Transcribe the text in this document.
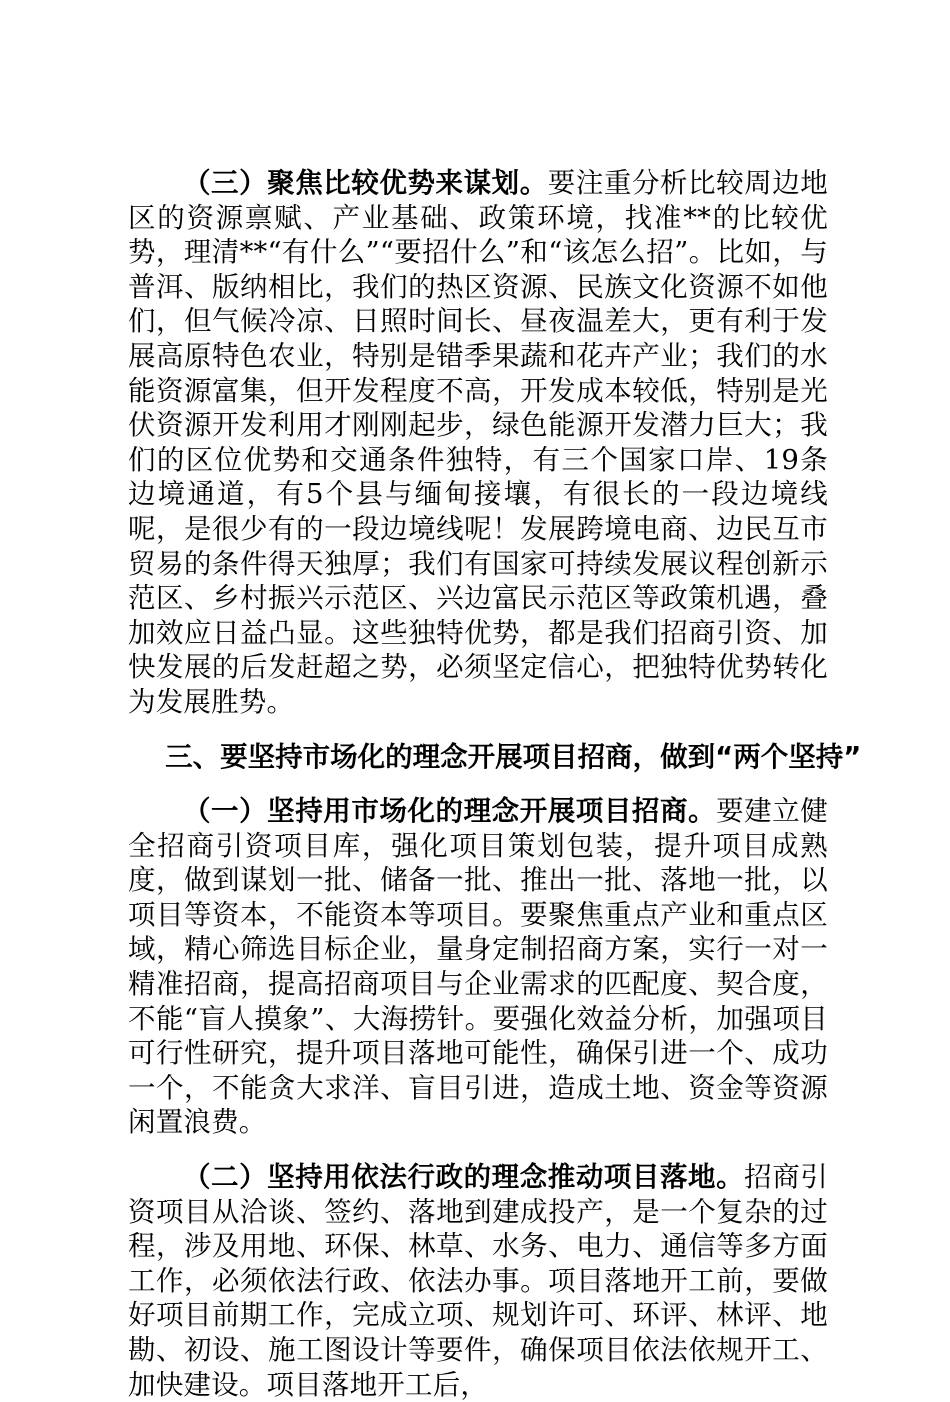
（三）聚焦比较优势来谋划。要注重分析比较周边地区的资源禀赋、产业基础、政策环境，找准**的比较优势，理清**“有什么”“要招什么”和“该怎么招”。比如，与普洱、版纳相比，我们的热区资源、民族文化资源不如他们，但气候冷凉、日照时间长、昼夜温差大，更有利于发展高原特色农业，特别是错季果蔬和花卉产业；我们的水能资源富集，但开发程度不高，开发成本较低，特别是光伏资源开发利用才刚刚起步，绿色能源开发潜力巨大；我们的区位优势和交通条件独特，有三个国家口岸、19条边境通道，有5个县与缅甸接壤，有很长的一段边境线呢，是很少有的一段边境线呢！发展跨境电商、边民互市贸易的条件得天独厚；我们有国家可持续发展议程创新示范区、乡村振兴示范区、兴边富民示范区等政策机遇，叠加效应日益凸显。这些独特优势，都是我们招商引资、加快发展的后发赶超之势，必须坚定信心，把独特优势转化为发展胜势。

三、要坚持市场化的理念开展项目招商，做到“两个坚持”

（一）坚持用市场化的理念开展项目招商。要建立健全招商引资项目库，强化项目策划包装，提升项目成熟度，做到谋划一批、储备一批、推出一批、落地一批，以项目等资本，不能资本等项目。要聚焦重点产业和重点区域，精心筛选目标企业，量身定制招商方案，实行一对一精准招商，提高招商项目与企业需求的匹配度、契合度，不能“盲人摸象”、大海捞针。要强化效益分析，加强项目可行性研究，提升项目落地可能性，确保引进一个、成功一个，不能贪大求洋、盲目引进，造成土地、资金等资源闲置浪费。

（二）坚持用依法行政的理念推动项目落地。招商引资项目从洽谈、签约、落地到建成投产，是一个复杂的过程，涉及用地、环保、林草、水务、电力、通信等多方面工作，必须依法行政、依法办事。项目落地开工前，要做好项目前期工作，完成立项、规划许可、环评、林评、地勘、初设、施工图设计等要件，确保项目依法依规开工、加快建设。项目落地开工后，
